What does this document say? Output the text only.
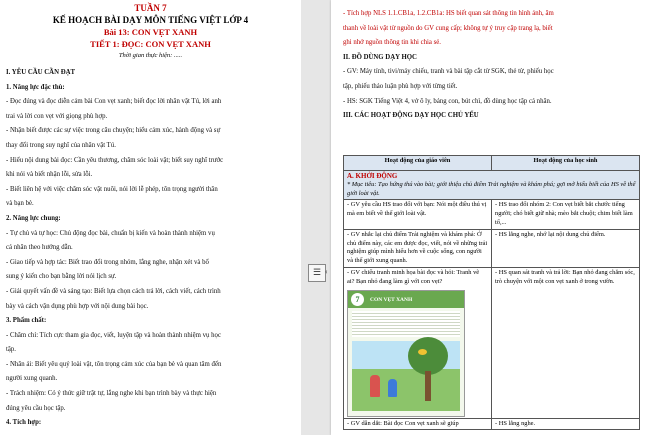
TUẦN 7
KẾ HOẠCH BÀI DẠY MÔN TIẾNG VIỆT LỚP 4
Bài 13: CON VẸT XANH
TIẾT 1: ĐỌC: CON VẸT XANH
Thời gian thực hiện: .....

I. YÊU CẦU CẦN ĐẠT

1. Năng lực đặc thù:

- Đọc đúng và đọc diễn cảm bài Con vẹt xanh; biết đọc lời nhân vật Tú, lời anh

trai và lời con vẹt với giọng phù hợp.

- Nhận biết được các sự việc trong câu chuyện; hiểu cảm xúc, hành động và sự

thay đổi trong suy nghĩ của nhân vật Tú.

- Hiểu nội dung bài đọc: Cần yêu thương, chăm sóc loài vật; biết suy nghĩ trước

khi nói và biết nhận lỗi, sửa lỗi.

- Biết liên hệ với việc chăm sóc vật nuôi, nói lời lễ phép, tôn trọng người thân

và bạn bè.

2. Năng lực chung:

- Tự chủ và tự học: Chủ động đọc bài, chuẩn bị kiến và hoàn thành nhiệm vụ

cá nhân theo hướng dẫn.

- Giao tiếp và hợp tác: Biết trao đổi trong nhóm, lắng nghe, nhận xét và bổ

sung ý kiến cho bạn bằng lời nói lịch sự.

- Giải quyết vấn đề và sáng tạo: Biết lựa chọn cách trả lời, cách viết, cách trình

bày và cách vận dụng phù hợp với nội dung bài học.

3. Phẩm chất:

- Chăm chỉ: Tích cực tham gia đọc, viết, luyện tập và hoàn thành nhiệm vụ học

tập.

- Nhân ái: Biết yêu quý loài vật, tôn trọng cảm xúc của bạn bè và quan tâm đến

người xung quanh.

- Trách nhiệm: Có ý thức giữ trật tự, lắng nghe khi bạn trình bày và thực hiện

đúng yêu cầu học tập.

4. Tích hợp:

☰ ‹

- Tích hợp NLS 1.1.CB1a, 1.2.CB1a: HS biết quan sát thông tin hình ảnh, âm

thanh về loài vật từ nguồn do GV cung cấp; không tự ý truy cập trang lạ, biết

ghi nhớ nguồn thông tin khi chia sẻ.

II. ĐỒ DÙNG DẠY HỌC

- GV: Máy tính, tivi/máy chiếu, tranh và bài tập cắt từ SGK, thẻ từ, phiếu học

tập, phiếu thảo luận phù hợp với từng tiết.

- HS: SGK Tiếng Việt 4, vở ô ly, bảng con, bút chì, đồ dùng học tập cá nhân.

III. CÁC HOẠT ĐỘNG DẠY HỌC CHỦ YẾU

Hoạt động của giáo viên	Hoạt động của học sinh

A. KHỞI ĐỘNG
* Mục tiêu: Tạo hứng thú vào bài; giới thiệu chủ điểm Trải nghiệm và khám phá; gợi mở hiểu biết của HS về thế giới loài vật.	

- GV yêu cầu HS trao đổi với bạn: Nói một điều thú vị mà em biết về thế giới loài vật.	- HS trao đổi nhóm 2: Con vẹt biết bắt chước tiếng người; chó biết giữ nhà; mèo bắt chuột; chim biết làm tổ,...
- GV nhắc lại chủ điểm Trải nghiệm và khám phá: Ở chủ điểm này, các em được đọc, viết, nói về những trải nghiệm giúp mình hiểu hơn về cuộc sống, con người và thế giới xung quanh.	- HS lắng nghe, nhớ lại nội dung chủ điểm.

- GV chiếu tranh minh họa bài đọc và hỏi: Tranh vẽ ai? Bạn nhỏ đang làm gì với con vẹt?
7 CON VẸT XANH	- HS quan sát tranh và trả lời: Bạn nhỏ đang chăm sóc, trò chuyện với một con vẹt xanh ở trong vườn.
- GV dẫn dắt: Bài đọc Con vẹt xanh sẽ giúp	- HS lắng nghe.
